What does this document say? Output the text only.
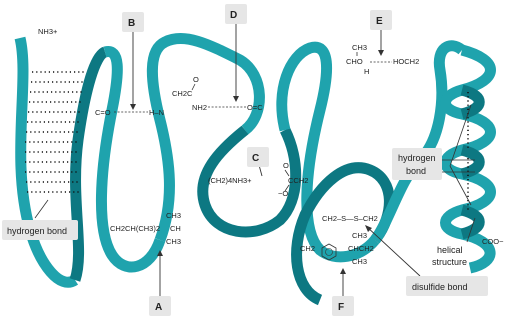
NH3+
C=O	H–N
CH2C
O
NH2	O=C
(CH2)4NH3+	CCH2
O
−O
CH2CH(CH3)2
CH3
CH
CH3
CH3
CHO
H
HOCH2
CH2–S—S–CH2
CH2
CH3
CHCH2
CH3
COO−
B
D
E
C
A	F
hydrogen bond
hydrogen
bond
helical
structure
disulfide bond
